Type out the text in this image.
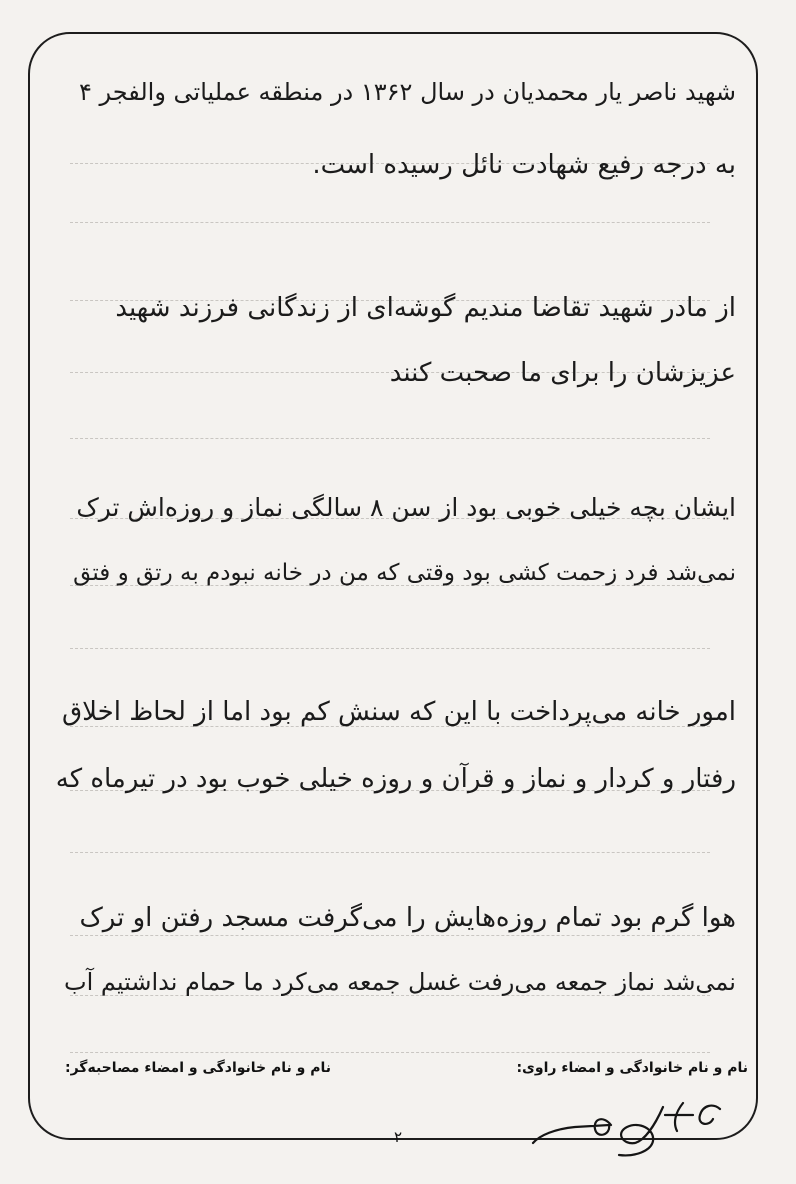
شهید ناصر یار محمدیان در سال ۱۳۶۲ در منطقه عملیاتی والفجر ۴
به درجه رفیع شهادت نائل رسیده است.
از مادر شهید تقاضا مندیم گوشه‌ای از زندگانی فرزند شهید
عزیزشان را برای ما صحبت کنند
ایشان بچه خیلی خوبی بود از سن ۸ سالگی نماز و روزه‌اش ترک
نمی‌شد فرد زحمت کشی بود وقتی که من در خانه نبودم به رتق و فتق
امور خانه می‌پرداخت با این که سنش کم بود اما از لحاظ اخلاق
رفتار و کردار و نماز و قرآن و روزه خیلی خوب بود در تیرماه که
هوا گرم بود تمام روزه‌هایش را می‌گرفت مسجد رفتن او ترک
نمی‌شد نماز جمعه می‌رفت غسل جمعه می‌کرد ما حمام نداشتیم آب
نام و نام خانوادگی و امضاء راوی:
نام و نام خانوادگی و امضاء مصاحبه‌گر:
۲
